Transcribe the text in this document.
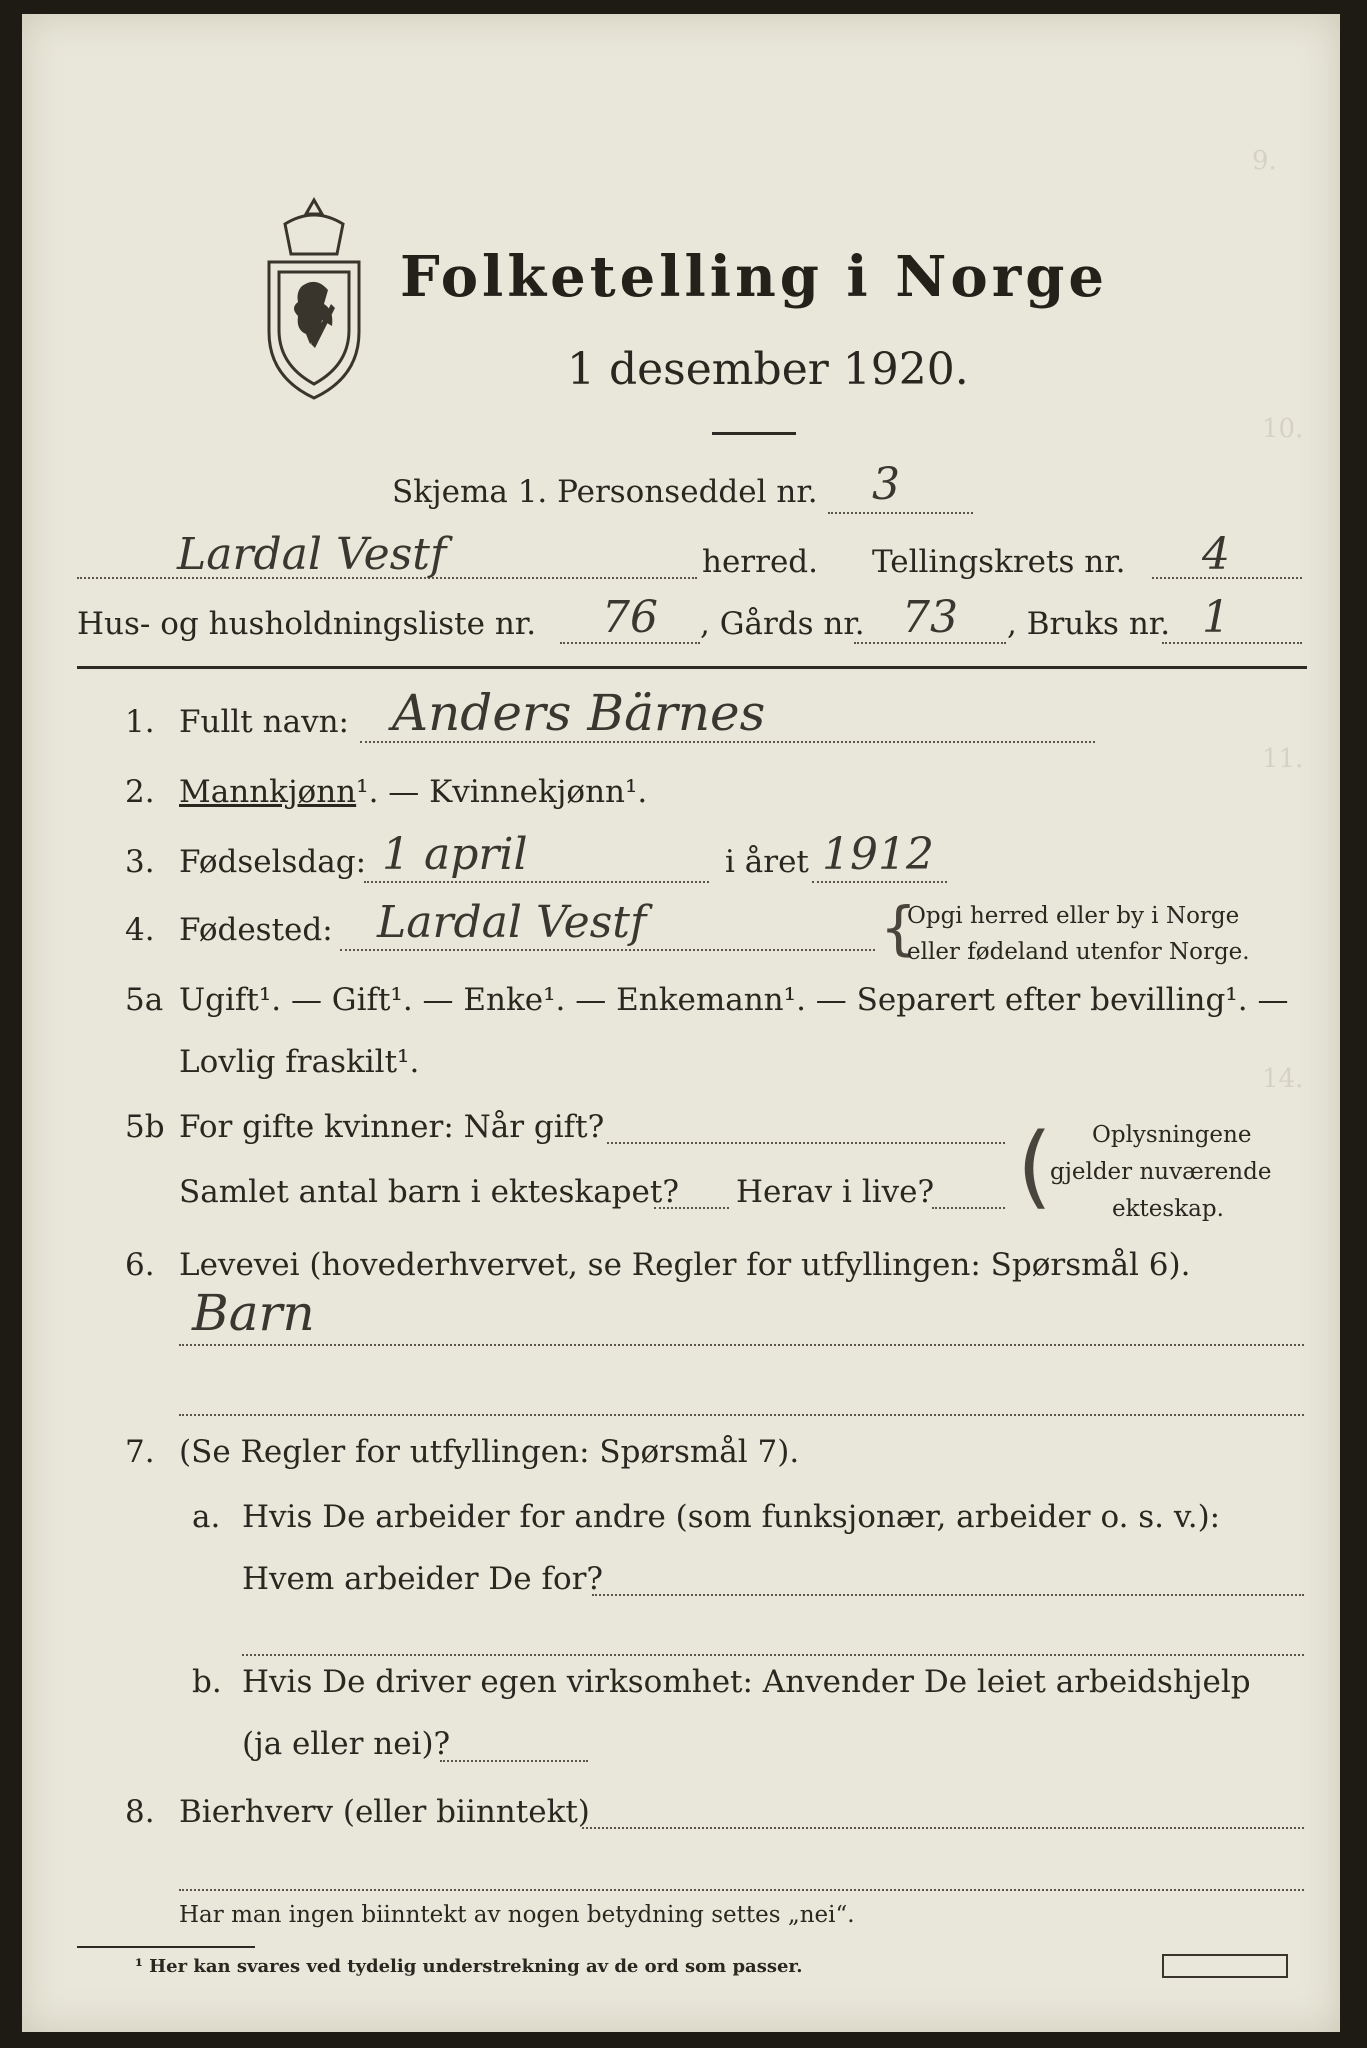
9.
10.
11.
14.
Folketelling i Norge
1 desember 1920.
Skjema 1. Personseddel nr. 3
Lardal Vestf	herred. Tellingskrets nr. 4
Hus- og husholdningsliste nr. 76 , Gårds nr. 73 , Bruks nr. 1
1. Fullt navn: Anders Bärnes
2. Mannkjønn¹. — Kvinnekjønn¹.
3. Fødselsdag: 1 april	i året 1912
4. Fødested: Lardal Vestf	{
Opgi herred eller by i Norge
eller fødeland utenfor Norge.
5a Ugift¹. — Gift¹. — Enke¹. — Enkemann¹. — Separert efter bevilling¹. —
Lovlig fraskilt¹.
5b For gifte kvinner: Når gift?
Samlet antal barn i ekteskapet? Herav i live? ( Oplysningene
gjelder nuværende
ekteskap.
6. Levevei (hovederhvervet, se Regler for utfyllingen: Spørsmål 6).
Barn
7. (Se Regler for utfyllingen: Spørsmål 7).
a. Hvis De arbeider for andre (som funksjonær, arbeider o. s. v.):
Hvem arbeider De for?
b. Hvis De driver egen virksomhet: Anvender De leiet arbeidshjelp
(ja eller nei)?
8. Bierhverv (eller biinntekt)
Har man ingen biinntekt av nogen betydning settes „nei“.
¹ Her kan svares ved tydelig understrekning av de ord som passer.
